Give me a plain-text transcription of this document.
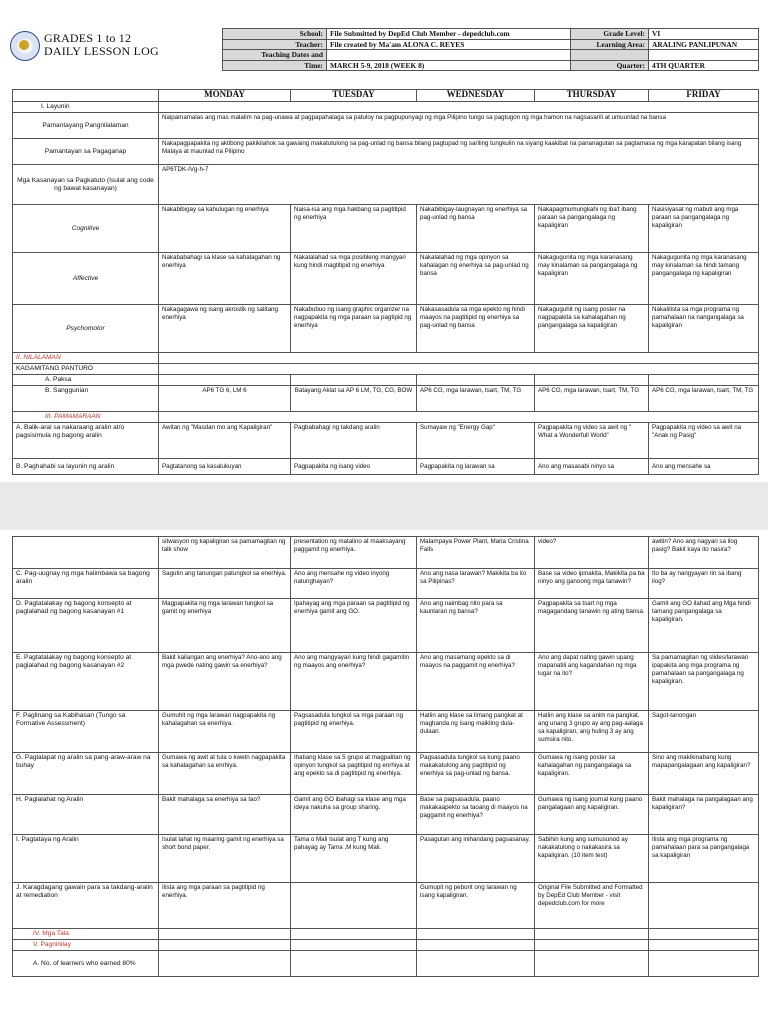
GRADES 1 to 12
DAILY LESSON LOG
School:	File Submitted by DepEd Club Member - depedclub.com	Grade Level:	VI
Teacher:	File created by Ma'am ALONA C. REYES	Learning Area:	ARALING PANLIPUNAN
Teaching Dates and			
Time:	MARCH 5-9, 2018 (WEEK 8)	Quarter:	4TH QUARTER
	MONDAY	TUESDAY	WEDNESDAY	THURSDAY	FRIDAY
I. Layunin					
Pamantayang Pangnilalaman	Naipamamalas ang mas malalim na pag-unawa at pagpapahalaga sa patuloy na pagpupunyagi ng mga Pilipino tungo sa pagtugon ng mga hamon na nagsasarili at umuunlad na bansa				
Pamantayan sa Pagaganap	Nakapagpapakita ng aktibong pakikilahok sa gawaing makatutulong sa pag-unlad ng bansa bilang pagtupad ng sariling tungkulin na siyang kaakibat na pananagutan sa pagtamasa ng mga karapatan bilang isang Malaya at maunlad na Pilipino				
Mga Kasanayan sa Pagkatuto (Isulat ang code ng bawat kasanayan)	AP6TDK-IVg-h-7				
Cognitive	Nakabibigay sa kahulugan ng enerhiya	Naisa-isa ang mga hakbang sa pagtitipid ng enerhiya	Nakabibigay-laugnayan ng enerhiya sa pag-unlad ng bansa	Nakapagmumungkahi ng iba't ibang paraan sa pangangalaga ng kapaligiran	Nasisiyasat ng mabuti ang mga paraan sa pangangalaga ng kapaligiran
Affective	Nakababahagi sa klase sa kahalagahan ng enerhiya	Nakalalahad sa mga posibleng mangyari kung hindi magtitipid ng enerhiya	Nakalalahad ng mga opinyon sa kahalagan ng enerhiya sa pag-unlad ng bansa	Nakagugunita ng mga karanasang may kinalaman sa pangangalaga ng kapaligiran	Nakagugunita ng mga karanasang may kinalaman sa hindi tamang pangangalaga ng kapaligiran
Psychomotor	Nakagagawa ng isang akrostik ng salitang enerhiya	Nakabubuo ng isang graphic organizer na nagpapakita ng mga paraan sa pagtipid ng enerhiya	Nakasasadula sa mga epekto ng hindi maayos na pagtitipid ng enerhiya sa pag-unlad ng bansa	Nakaguguhit ng isang poster na nagpapakita sa kahalagahan ng pangangalaga sa kapaligiran	Nakalilista sa mga programa ng pamahalaan na nangangalaga sa kapaligiran
II. NILALAMAN					
KAGAMITANG PANTURO					
A. Paksa					
B. Sanggunian	AP6 TG 6, LM 6	Batayang Aklat sa AP 6 LM, TG, CG, BOW	AP6 CG, mga larawan, tsart, TM, TG	AP6 CG, mga larawan, tsart, TM, TG	AP6 CG, mga larawan, tsart, TM, TG
III. PAMAMARAAN					
A. Balik-aral sa nakaraang aralin at/o pagsisimula ng bagong aralin	Awitan ng "Masdan mo ang Kapaligiran"	Pagbabahagi ng takdang aralin	Sumayaw ng "Energy Gap"	Pagpapakita ng video sa awit ng " What a Wonderfull World"	Pagpapakita ng video sa awit na "Anak ng Pasig"
B. Paghahabi sa layunin ng aralin	Pagtatanong sa kasalukuyan	Pagpapakita ng isang video	Pagpapakita ng larawan sa	Ano ang masasabi ninyo sa	Ano ang mensahe sa
	sitwasyon ng kapaligiran sa pamamagitan ng talk show	presentation ng matalino at maaksayang paggamit ng enerhiya.	Malampaya Power Plant, Maria Cristina Falls	video?	awitin? Ano ang nagyari sa ilog pasig? Bakit kaya ito nasira?
C. Pag-uugnay ng mga halimbawa sa bagong aralin	Sagutin ang tanungan patungkol sa enerhiya.	Ano ang mensahe ng video inyong natunghayan?	Ano ang nasa larawan? Makikita ba ito sa Pilipinas?	Base sa video ipinakita, Makikita pa ba ninyo ang ganoong mga tanawin?	Ito ba ay nangyayari rin sa ibang ilog?
D. Pagtatalakay ng bagong konsepto at paglalahad ng bagong kasanayan #1	Magpapakita ng mga larawan tungkol sa gamit ng enerhiya	Ipahayag ang mga paraan sa pagtitipid ng enerhiya gamit ang GO.	Ano ang naimbag nito para sa kaunlaran ng bansa?	Pagpapakita sa tsart ng mga magagandang tanawin ng ating bansa.	Gamit ang GO ilahad ang Mga hindi tamang pangangalaga sa kapaligiran.
E. Pagtatalakay ng bagong konsepto at paglalahad ng bagong kasanayan #2	Bakit kailangan ang enerhiya? Ano-ano ang mga pwede nating gawin sa enerhiya?	Ano ang mangyayari kung hindi gagamitin ng maayos ang enerhiya?	Ano ang masamang epekto sa di maayos na paggamit ng enerhiya?	Ano ang dapat nating gawin upang mapanatili ang kagandahan ng mga lugar na ito?	Sa pamamagitan ng slides/larawan ipapakita ang mga programa ng pamahalaan sa pangangalaga ng kapaligiran.
F. Paglinang sa Kabihasan (Tungo sa Formative Assessment)	Gumuhit ng mga larawan nagpapakita ng kahalagahan sa enerhiya.	Pagsasadula tungkol sa mga paraan ng pagtitipid ng enerhiya.	Hatiin ang klase sa limang pangkat at maghanda ng isang maikling dula-dulaan.	Hatiin ang klase sa anim na pangkat, ang unang 3 grupo ay ang pag-aalaga sa kapaligiran, ang huling 3 ay ang sumsira nito.	Sagot-tanongan
G. Paglalapat ng aralin sa pang-araw-araw na buhay	Gumawa ng awit at tula o kwetn nagpapakita sa kahalagahan sa enrhiya.	Ihatiang klase sa 5 grupo at magpalitan ng opinyon tungkol sa pagtitipid ng enrhiya at ang epekto sa di pagtitipid ng enerhiya.	Pagsasadula tungkol sa kung paano makakatulong ang pagtitipid ng enerhiya sa pag-unlad ng bansa.	Gumawa ng isang poster sa kahalagahan ng pangangalaga sa kapaligiran.	Sino ang makikinabang kung mapapangalagaan ang kapaligiran?
H. Paglalahat ng Aralin	Bakit mahalaga sa enerhiya sa tao?	Gamit ang GO ibahagi sa klase ang mga ideya nakuha sa group sharing.	Base sa pagsasadula, paano makakaapekto sa taoang di maayos na paggamit ng enerhiya?	Gumawa ng isang journal kung paano pangalagaan ang kapaligiran.	Bakit mahalaga na pangalagaan ang kapaligiran?
I. Pagtataya ng Aralin	Isulat lahat ng maaring gamit ng enerhiya sa short bond paper.	Tama o Mali Isulat ang T kung ang pahayag ay Tama ,M kung Mali.	Pasagutan ang inihandang pagsasanay.	Sabihin kung ang sumusunod ay nakakatulong o nakakasira sa kapaligiran. (10 item test)	Ilista ang mga programa ng pamahalaan para sa pangangalaga sa kapaligiran
J. Karagdagang gawain para sa takdang-aralin at remediation	Ilista ang mga paraan sa pagtitipid ng enerhiya.		Gumupit ng peborit ong larawan ng isang kapaligiran.	Original File Submitted and Formatted by DepEd Club Member - visit depedclub.com for more	
IV. Mga Tala					
V. Pagninilay					
A. No. of learners who earned 80%					
